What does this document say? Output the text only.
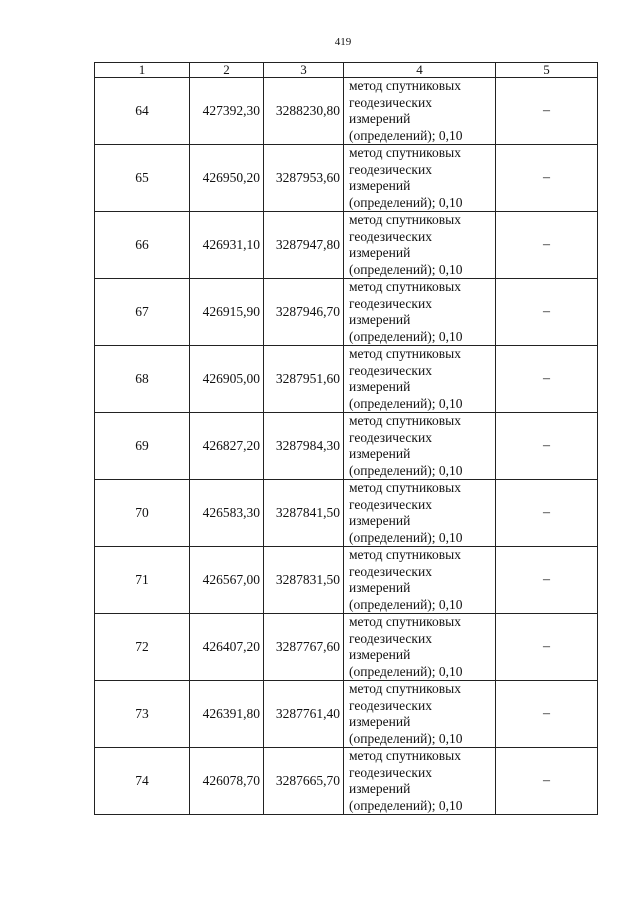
419
1	2	3	4	5
64	427392,30	3288230,80	метод спутниковых
геодезических
измерений
(определений); 0,10	–
65	426950,20	3287953,60	метод спутниковых
геодезических
измерений
(определений); 0,10	–
66	426931,10	3287947,80	метод спутниковых
геодезических
измерений
(определений); 0,10	–
67	426915,90	3287946,70	метод спутниковых
геодезических
измерений
(определений); 0,10	–
68	426905,00	3287951,60	метод спутниковых
геодезических
измерений
(определений); 0,10	–
69	426827,20	3287984,30	метод спутниковых
геодезических
измерений
(определений); 0,10	–
70	426583,30	3287841,50	метод спутниковых
геодезических
измерений
(определений); 0,10	–
71	426567,00	3287831,50	метод спутниковых
геодезических
измерений
(определений); 0,10	–
72	426407,20	3287767,60	метод спутниковых
геодезических
измерений
(определений); 0,10	–
73	426391,80	3287761,40	метод спутниковых
геодезических
измерений
(определений); 0,10	–
74	426078,70	3287665,70	метод спутниковых
геодезических
измерений
(определений); 0,10	–
